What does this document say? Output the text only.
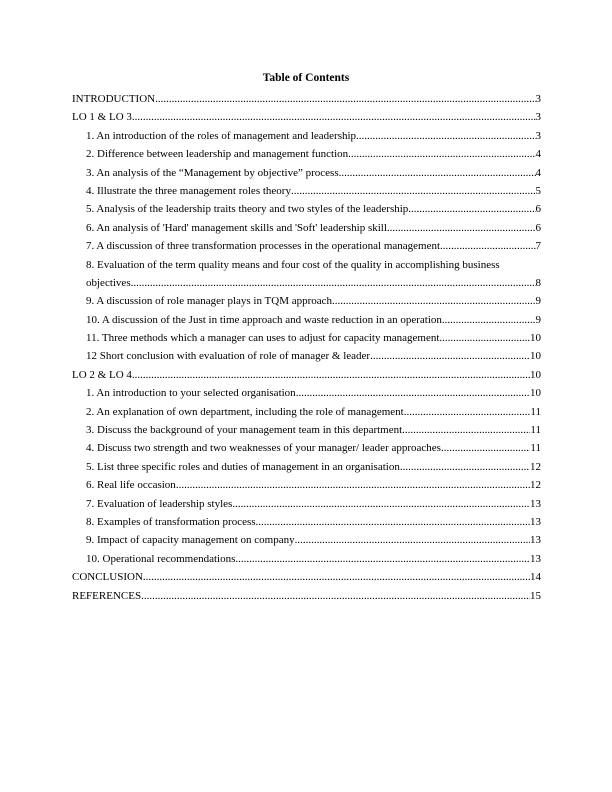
Table of Contents
INTRODUCTION .....	3
LO 1 & LO 3 .....	3
1. An introduction of the roles of management and leadership .....	3
2. Difference between leadership and management function .....	4
3. An analysis of the “Management by objective” process .....	4
4. Illustrate the three management roles theory .....	5
5. Analysis of the leadership traits theory and two styles of the leadership .....	6
6. An analysis of 'Hard' management skills and 'Soft' leadership skill .....	6
7. A discussion of three transformation processes in the operational management .....	7
8. Evaluation of the term quality means and four cost of the quality in accomplishing business
objectives .....	8
9. A discussion of role manager plays in TQM approach .....	9
10. A discussion of the Just in time approach and waste reduction in an operation .....	9
11. Three methods which a manager can uses to adjust for capacity management .....	10
12 Short conclusion with evaluation of role of manager & leader .....	10
LO 2 & LO 4 .....	10
1. An introduction to your selected organisation .....	10
2. An explanation of own department, including the role of management .....	11
3. Discuss the background of your management team in this department .....	11
4. Discuss two strength and two weaknesses of your manager/ leader approaches .....	11
5. List three specific roles and duties of management in an organisation .....	12
6. Real life occasion .....	12
7. Evaluation of leadership styles .....	13
8. Examples of transformation process .....	13
9. Impact of capacity management on company .....	13
10. Operational recommendations .....	13
CONCLUSION .....	14
REFERENCES .....	15
